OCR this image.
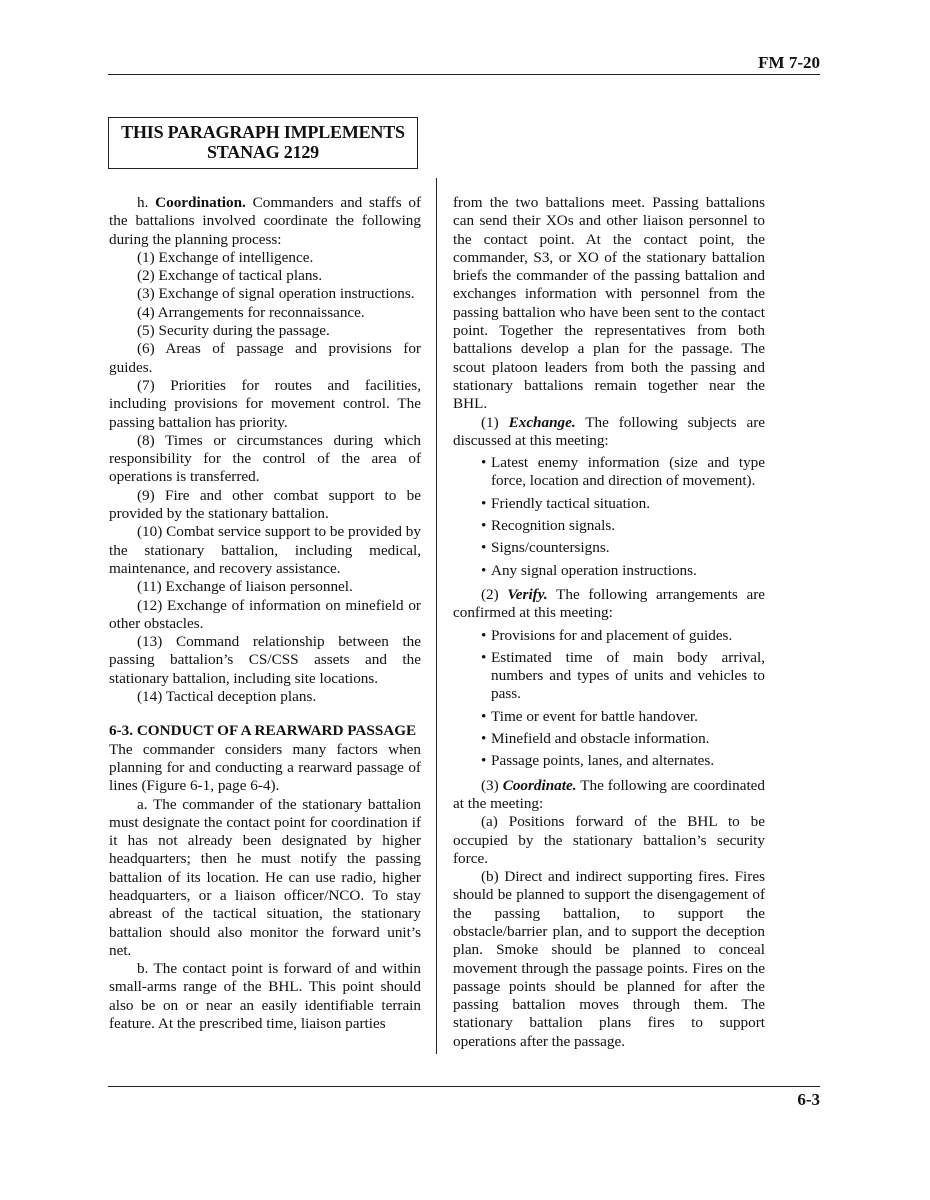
FM 7-20
THIS PARAGRAPH IMPLEMENTS
STANAG 2129

h. Coordination. Commanders and staffs of the battalions involved coordinate the following during the planning process:

(1) Exchange of intelligence.

(2) Exchange of tactical plans.

(3) Exchange of signal operation instructions.

(4) Arrangements for reconnaissance.

(5) Security during the passage.

(6) Areas of passage and provisions for guides.

(7) Priorities for routes and facilities, including provisions for movement control. The passing battalion has priority.

(8) Times or circumstances during which responsibility for the control of the area of operations is transferred.

(9) Fire and other combat support to be provided by the stationary battalion.

(10) Combat service support to be provided by the stationary battalion, including medical, maintenance, and recovery assistance.

(11) Exchange of liaison personnel.

(12) Exchange of information on minefield or other obstacles.

(13) Command relationship between the passing battalion’s CS/CSS assets and the stationary battalion, including site locations.

(14) Tactical deception plans.

6-3. CONDUCT OF A REARWARD PASSAGE

The commander considers many factors when planning for and conducting a rearward passage of lines (Figure 6-1, page 6-4).

a. The commander of the stationary battalion must designate the contact point for coordination if it has not already been designated by higher headquarters; then he must notify the passing battalion of its location. He can use radio, higher headquarters, or a liaison officer/NCO. To stay abreast of the tactical situation, the stationary battalion should also monitor the forward unit’s net.

b. The contact point is forward of and within small-arms range of the BHL. This point should also be on or near an easily identifiable terrain feature. At the prescribed time, liaison parties

from the two battalions meet. Passing battalions can send their XOs and other liaison personnel to the contact point. At the contact point, the commander, S3, or XO of the stationary battalion briefs the commander of the passing battalion and exchanges information with personnel from the passing battalion who have been sent to the contact point. Together the representatives from both battalions develop a plan for the passage. The scout platoon leaders from both the passing and stationary battalions remain together near the BHL.

(1) Exchange. The following subjects are discussed at this meeting:

• Latest enemy information (size and type force, location and direction of movement).
• Friendly tactical situation.
• Recognition signals.
• Signs/countersigns.
• Any signal operation instructions.

(2) Verify. The following arrangements are confirmed at this meeting:

• Provisions for and placement of guides.
• Estimated time of main body arrival, numbers and types of units and vehicles to pass.
• Time or event for battle handover.
• Minefield and obstacle information.
• Passage points, lanes, and alternates.

(3) Coordinate. The following are coordinated at the meeting:

(a) Positions forward of the BHL to be occupied by the stationary battalion’s security force.

(b) Direct and indirect supporting fires. Fires should be planned to support the disengagement of the passing battalion, to support the obstacle/barrier plan, and to support the deception plan. Smoke should be planned to conceal movement through the passage points. Fires on the passage points should be planned for after the passing battalion moves through them. The stationary battalion plans fires to support operations after the passage.

6-3
